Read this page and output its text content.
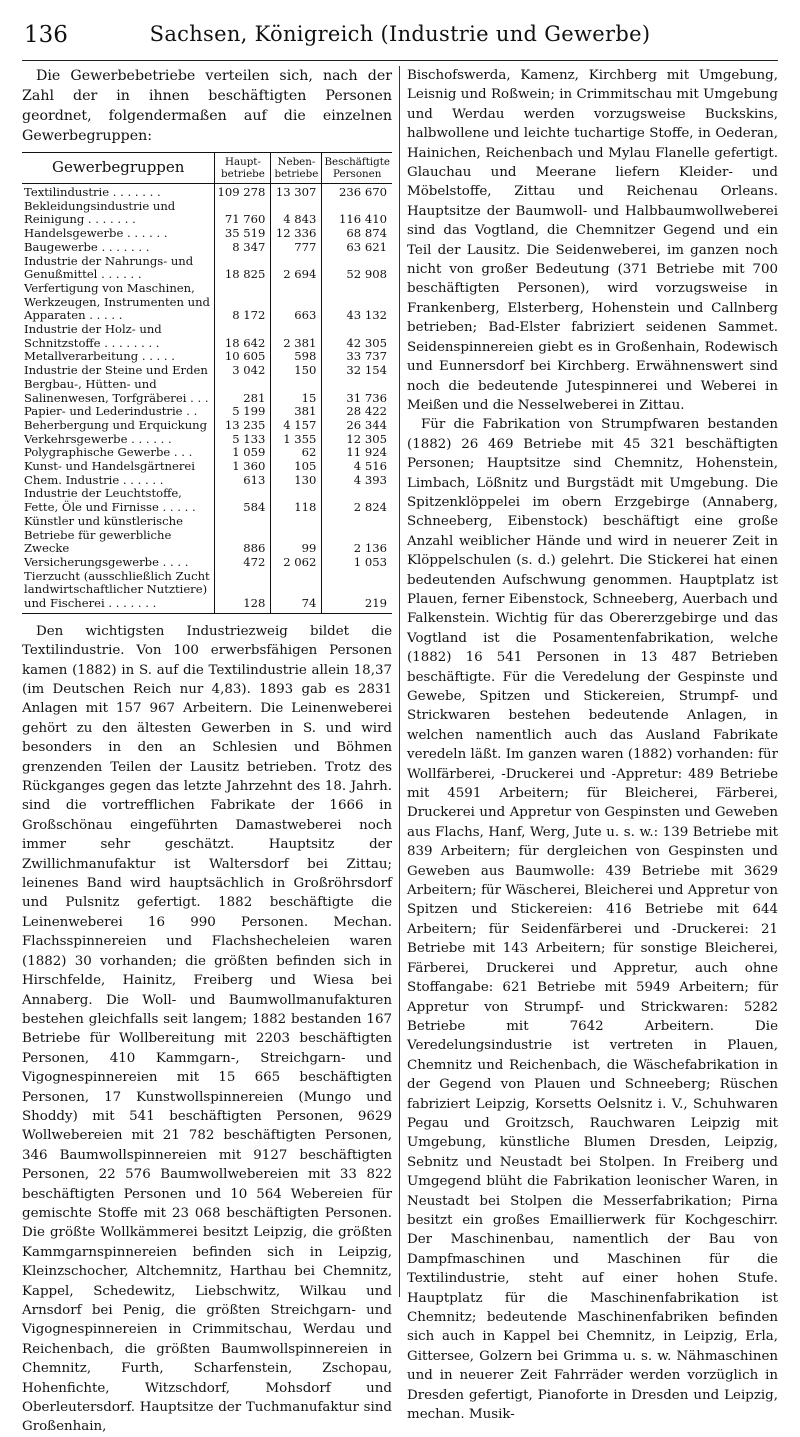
136	Sachsen, Königreich (Industrie und Gewerbe)

Die Gewerbebetriebe verteilen sich, nach der Zahl der in ihnen beschäftigten Personen geordnet, folgendermaßen auf die einzelnen Gewerbegruppen:

Gewerbegruppen	Haupt-betriebe	Neben-betriebe	Beschäftigte Personen
Textilindustrie . . . . . . .	109 278	13 307	236 670
Bekleidungsindustrie und Reinigung . . . . . . .	71 760	4 843	116 410
Handelsgewerbe . . . . . .	35 519	12 336	68 874
Baugewerbe . . . . . . .	8 347	777	63 621
Industrie der Nahrungs- und Genußmittel . . . . . .	18 825	2 694	52 908
Verfertigung von Maschinen, Werkzeugen, Instrumenten und Apparaten . . . . .	8 172	663	43 132
Industrie der Holz- und Schnitzstoffe . . . . . . . .	18 642	2 381	42 305
Metallverarbeitung . . . . .	10 605	598	33 737
Industrie der Steine und Erden	3 042	150	32 154
Bergbau-, Hütten- und Salinenwesen, Torfgräberei . . .	281	15	31 736
Papier- und Lederindustrie . .	5 199	381	28 422
Beherbergung und Erquickung	13 235	4 157	26 344
Verkehrsgewerbe . . . . . .	5 133	1 355	12 305
Polygraphische Gewerbe . . .	1 059	62	11 924
Kunst- und Handelsgärtnerei	1 360	105	4 516
Chem. Industrie . . . . . .	613	130	4 393
Industrie der Leuchtstoffe, Fette, Öle und Firnisse . . . . .	584	118	2 824
Künstler und künstlerische Betriebe für gewerbliche Zwecke	886	99	2 136
Versicherungsgewerbe . . . .	472	2 062	1 053
Tierzucht (ausschließlich Zucht landwirtschaftlicher Nutztiere) und Fischerei . . . . . . .	128	74	219

Den wichtigsten Industriezweig bildet die Textilindustrie. Von 100 erwerbsfähigen Personen kamen (1882) in S. auf die Textilindustrie allein 18,37 (im Deutschen Reich nur 4,83). 1893 gab es 2831 Anlagen mit 157 967 Arbeitern. Die Leinenweberei gehört zu den ältesten Gewerben in S. und wird besonders in den an Schlesien und Böhmen grenzenden Teilen der Lausitz betrieben. Trotz des Rückganges gegen das letzte Jahrzehnt des 18. Jahrh. sind die vortrefflichen Fabrikate der 1666 in Großschönau eingeführten Damastweberei noch immer sehr geschätzt. Hauptsitz der Zwillichmanufaktur ist Waltersdorf bei Zittau; leinenes Band wird hauptsächlich in Großröhrsdorf und Pulsnitz gefertigt. 1882 beschäftigte die Leinenweberei 16 990 Personen. Mechan. Flachsspinnereien und Flachshecheleien waren (1882) 30 vorhanden; die größten befinden sich in Hirschfelde, Hainitz, Freiberg und Wiesa bei Annaberg. Die Woll- und Baumwollmanufakturen bestehen gleichfalls seit langem; 1882 bestanden 167 Betriebe für Wollbereitung mit 2203 beschäftigten Personen, 410 Kammgarn-, Streichgarn- und Vigognespinnereien mit 15 665 beschäftigten Personen, 17 Kunstwollspinnereien (Mungo und Shoddy) mit 541 beschäftigten Personen, 9629 Wollwebereien mit 21 782 beschäftigten Personen, 346 Baumwollspinnereien mit 9127 beschäftigten Personen, 22 576 Baumwollwebereien mit 33 822 beschäftigten Personen und 10 564 Webereien für gemischte Stoffe mit 23 068 beschäftigten Personen. Die größte Wollkämmerei besitzt Leipzig, die größten Kammgarnspinnereien befinden sich in Leipzig, Kleinzschocher, Altchemnitz, Harthau bei Chemnitz, Kappel, Schedewitz, Liebschwitz, Wilkau und Arnsdorf bei Penig, die größten Streichgarn- und Vigognespinnereien in Crimmitschau, Werdau und Reichenbach, die größten Baumwollspinnereien in Chemnitz, Furth, Scharfenstein, Zschopau, Hohenfichte, Witzschdorf, Mohsdorf und Oberleutersdorf. Hauptsitze der Tuchmanufaktur sind Großenhain,

Bischofswerda, Kamenz, Kirchberg mit Umgebung, Leisnig und Roßwein; in Crimmitschau mit Umgebung und Werdau werden vorzugsweise Buckskins, halbwollene und leichte tuchartige Stoffe, in Oederan, Hainichen, Reichenbach und Mylau Flanelle gefertigt. Glauchau und Meerane liefern Kleider- und Möbelstoffe, Zittau und Reichenau Orleans. Hauptsitze der Baumwoll- und Halbbaumwollweberei sind das Vogtland, die Chemnitzer Gegend und ein Teil der Lausitz. Die Seidenweberei, im ganzen noch nicht von großer Bedeutung (371 Betriebe mit 700 beschäftigten Personen), wird vorzugsweise in Frankenberg, Elsterberg, Hohenstein und Callnberg betrieben; Bad-Elster fabriziert seidenen Sammet. Seidenspinnereien giebt es in Großenhain, Rodewisch und Eunnersdorf bei Kirchberg. Erwähnenswert sind noch die bedeutende Jutespinnerei und Weberei in Meißen und die Nesselweberei in Zittau.

Für die Fabrikation von Strumpfwaren bestanden (1882) 26 469 Betriebe mit 45 321 beschäftigten Personen; Hauptsitze sind Chemnitz, Hohenstein, Limbach, Lößnitz und Burgstädt mit Umgebung. Die Spitzenklöppelei im obern Erzgebirge (Annaberg, Schneeberg, Eibenstock) beschäftigt eine große Anzahl weiblicher Hände und wird in neuerer Zeit in Klöppelschulen (s. d.) gelehrt. Die Stickerei hat einen bedeutenden Aufschwung genommen. Hauptplatz ist Plauen, ferner Eibenstock, Schneeberg, Auerbach und Falkenstein. Wichtig für das Obererzgebirge und das Vogtland ist die Posamentenfabrikation, welche (1882) 16 541 Personen in 13 487 Betrieben beschäftigte. Für die Veredelung der Gespinste und Gewebe, Spitzen und Stickereien, Strumpf- und Strickwaren bestehen bedeutende Anlagen, in welchen namentlich auch das Ausland Fabrikate veredeln läßt. Im ganzen waren (1882) vorhanden: für Wollfärberei, -Druckerei und -Appretur: 489 Betriebe mit 4591 Arbeitern; für Bleicherei, Färberei, Druckerei und Appretur von Gespinsten und Geweben aus Flachs, Hanf, Werg, Jute u. s. w.: 139 Betriebe mit 839 Arbeitern; für dergleichen von Gespinsten und Geweben aus Baumwolle: 439 Betriebe mit 3629 Arbeitern; für Wäscherei, Bleicherei und Appretur von Spitzen und Stickereien: 416 Betriebe mit 644 Arbeitern; für Seidenfärberei und -Druckerei: 21 Betriebe mit 143 Arbeitern; für sonstige Bleicherei, Färberei, Druckerei und Appretur, auch ohne Stoffangabe: 621 Betriebe mit 5949 Arbeitern; für Appretur von Strumpf- und Strickwaren: 5282 Betriebe mit 7642 Arbeitern. Die Veredelungsindustrie ist vertreten in Plauen, Chemnitz und Reichenbach, die Wäschefabrikation in der Gegend von Plauen und Schneeberg; Rüschen fabriziert Leipzig, Korsetts Oelsnitz i. V., Schuhwaren Pegau und Groitzsch, Rauchwaren Leipzig mit Umgebung, künstliche Blumen Dresden, Leipzig, Sebnitz und Neustadt bei Stolpen. In Freiberg und Umgegend blüht die Fabrikation leonischer Waren, in Neustadt bei Stolpen die Messerfabrikation; Pirna besitzt ein großes Emaillierwerk für Kochgeschirr. Der Maschinenbau, namentlich der Bau von Dampfmaschinen und Maschinen für die Textilindustrie, steht auf einer hohen Stufe. Hauptplatz für die Maschinenfabrikation ist Chemnitz; bedeutende Maschinenfabriken befinden sich auch in Kappel bei Chemnitz, in Leipzig, Erla, Gittersee, Golzern bei Grimma u. s. w. Nähmaschinen und in neuerer Zeit Fahrräder werden vorzüglich in Dresden gefertigt, Pianoforte in Dresden und Leipzig, mechan. Musik-
